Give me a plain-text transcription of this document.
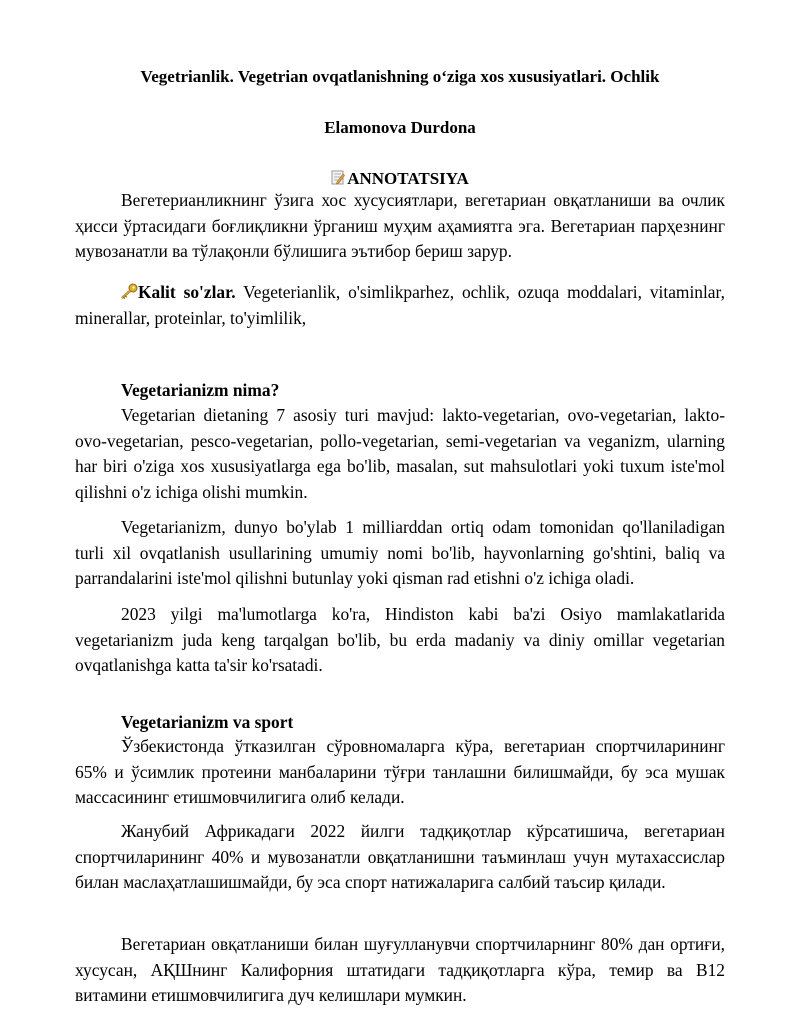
Vegetrianlik. Vegetrian ovqatlanishning o‘ziga xos xususiyatlari. Ochlik
Elamonova Durdona
ANNOTATSIYA
Вегетерианликнинг ўзига хос хусусиятлари, вегетариан овқатланиши ва очлик ҳисси ўртасидаги боғлиқликни ўрганиш муҳим аҳамиятга эга. Вегетариан парҳезнинг мувозанатли ва тўлақонли бўлишига эътибор бериш зарур.
Kalit so'zlar. Vegeterianlik, o'simlikparhez, ochlik, ozuqa moddalari, vitaminlar, minerallar, proteinlar, to'yimlilik,
Vegetarianizm nima?
Vegetarian dietaning 7 asosiy turi mavjud: lakto-vegetarian, ovo-vegetarian, lakto-ovo-vegetarian, pesco-vegetarian, pollo-vegetarian, semi-vegetarian va veganizm, ularning har biri o'ziga xos xususiyatlarga ega bo'lib, masalan, sut mahsulotlari yoki tuxum iste'mol qilishni o'z ichiga olishi mumkin.
Vegetarianizm, dunyo bo'ylab 1 milliarddan ortiq odam tomonidan qo'llaniladigan turli xil ovqatlanish usullarining umumiy nomi bo'lib, hayvonlarning go'shtini, baliq va parrandalarini iste'mol qilishni butunlay yoki qisman rad etishni o'z ichiga oladi.
2023 yilgi ma'lumotlarga ko'ra, Hindiston kabi ba'zi Osiyo mamlakatlarida vegetarianizm juda keng tarqalgan bo'lib, bu erda madaniy va diniy omillar vegetarian ovqatlanishga katta ta'sir ko'rsatadi.
Vegetarianizm va sport
Ўзбекистонда ўтказилган сўровномаларга кўра, вегетариан спортчиларининг 65% и ўсимлик протеини манбаларини тўғри танлашни билишмайди, бу эса мушак массасининг етишмовчилигига олиб келади.
Жанубий Африкадаги 2022 йилги тадқиқотлар кўрсатишича, вегетариан спортчиларининг 40% и мувозанатли овқатланишни таъминлаш учун мутахассислар билан маслаҳатлашишмайди, бу эса спорт натижаларига салбий таъсир қилади.
Вегетариан овқатланиши билан шуғулланувчи спортчиларнинг 80% дан ортиғи, хусусан, АҚШнинг Калифорния штатидаги тадқиқотларга кўра, темир ва B12 витамини етишмовчилигига дуч келишлари мумкин.
